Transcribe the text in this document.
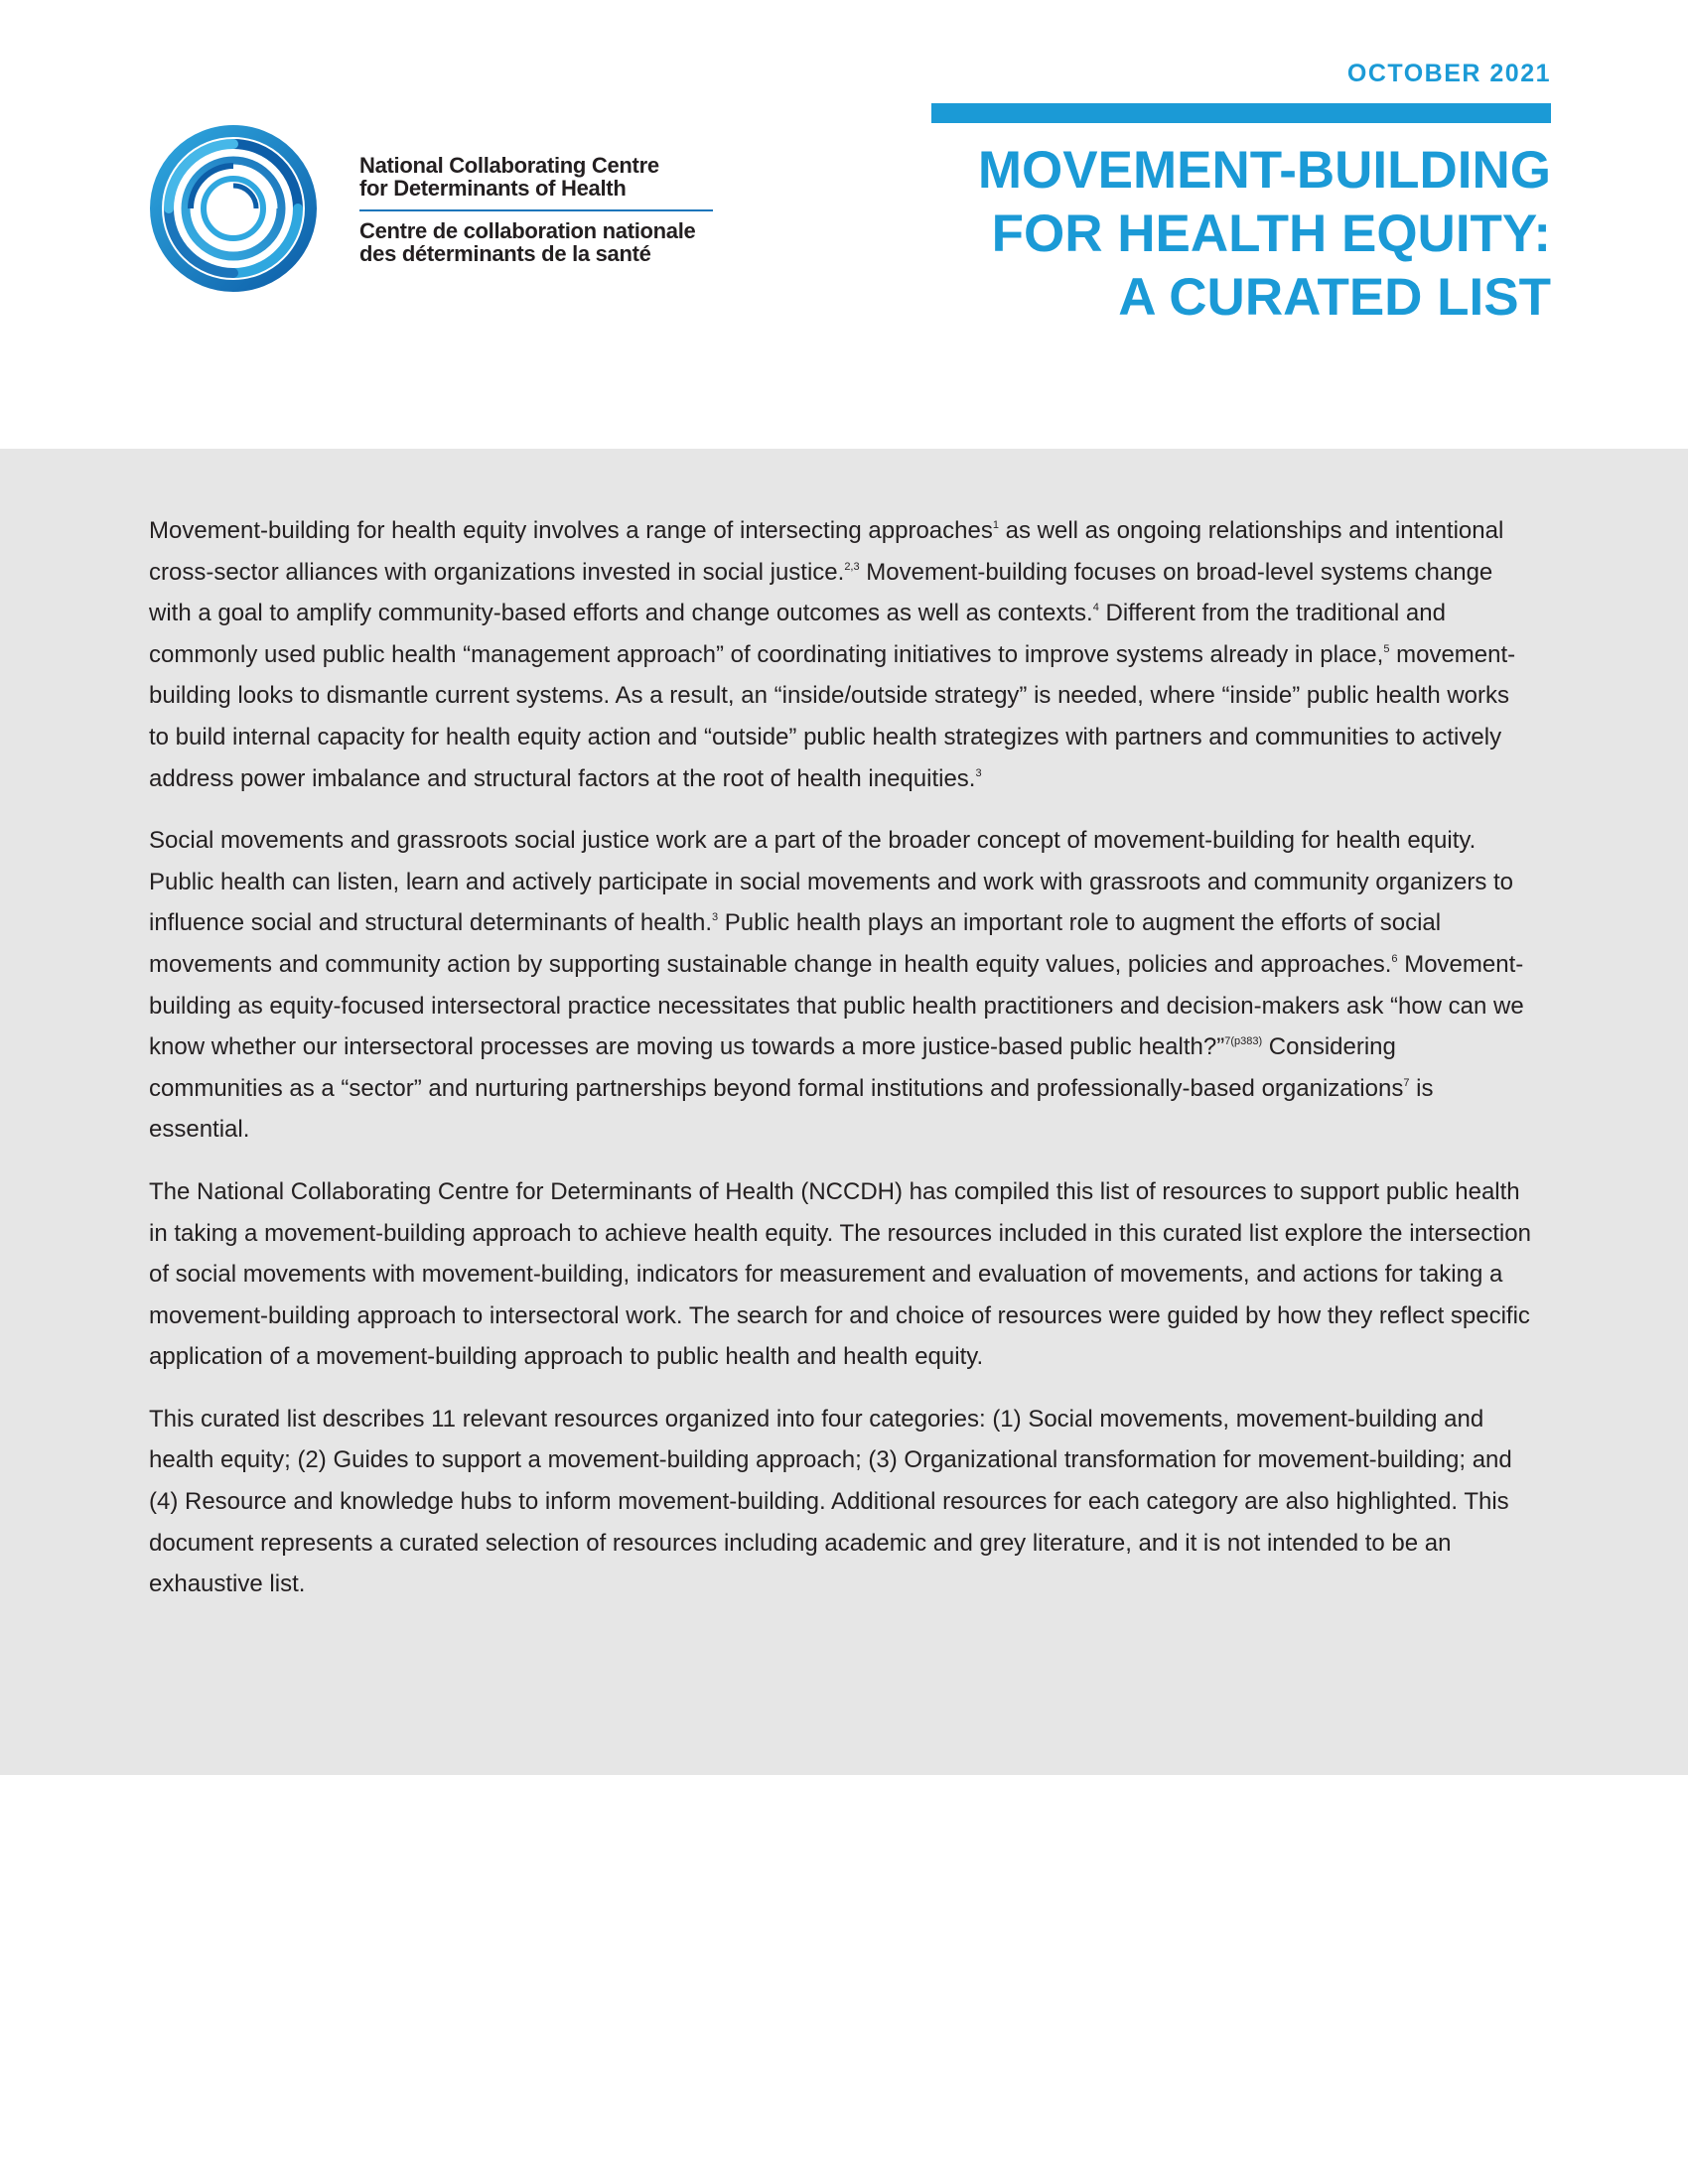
National Collaborating Centre
for Determinants of Health
Centre de collaboration nationale
des déterminants de la santé
OCTOBER 2021
MOVEMENT-BUILDING
FOR HEALTH EQUITY:
A CURATED LIST

Movement-building for health equity involves a range of intersecting approaches$^1$ as well as ongoing relationships and intentional cross-sector alliances with organizations invested in social justice.$^{2,3}$ Movement-building focuses on broad-level systems change with a goal to amplify community-based efforts and change outcomes as well as contexts.$^4$ Different from the traditional and commonly used public health “management approach” of coordinating initiatives to improve systems already in place,$^5$ movement-building looks to dismantle current systems. As a result, an “inside/outside strategy” is needed, where “inside” public health works to build internal capacity for health equity action and “outside” public health strategizes with partners and communities to actively address power imbalance and structural factors at the root of health inequities.$^3$

Social movements and grassroots social justice work are a part of the broader concept of movement-building for health equity. Public health can listen, learn and actively participate in social movements and work with grassroots and community organizers to influence social and structural determinants of health.$^3$ Public health plays an important role to augment the efforts of social movements and community action by supporting sustainable change in health equity values, policies and approaches.$^6$ Movement-building as equity-focused intersectoral practice necessitates that public health practitioners and decision-makers ask “how can we know whether our intersectoral processes are moving us towards a more justice-based public health?”$^{7(p383)}$ Considering communities as a “sector” and nurturing partnerships beyond formal institutions and professionally-based organizations$^7$ is essential.

The National Collaborating Centre for Determinants of Health (NCCDH) has compiled this list of resources to support public health in taking a movement-building approach to achieve health equity. The resources included in this curated list explore the intersection of social movements with movement-building, indicators for measurement and evaluation of movements, and actions for taking a movement-building approach to intersectoral work. The search for and choice of resources were guided by how they reflect specific application of a movement-building approach to public health and health equity.

This curated list describes 11 relevant resources organized into four categories: (1) Social movements, movement-building and health equity; (2) Guides to support a movement-building approach; (3) Organizational transformation for movement-building; and (4) Resource and knowledge hubs to inform movement-building. Additional resources for each category are also highlighted. This document represents a curated selection of resources including academic and grey literature, and it is not intended to be an exhaustive list.
